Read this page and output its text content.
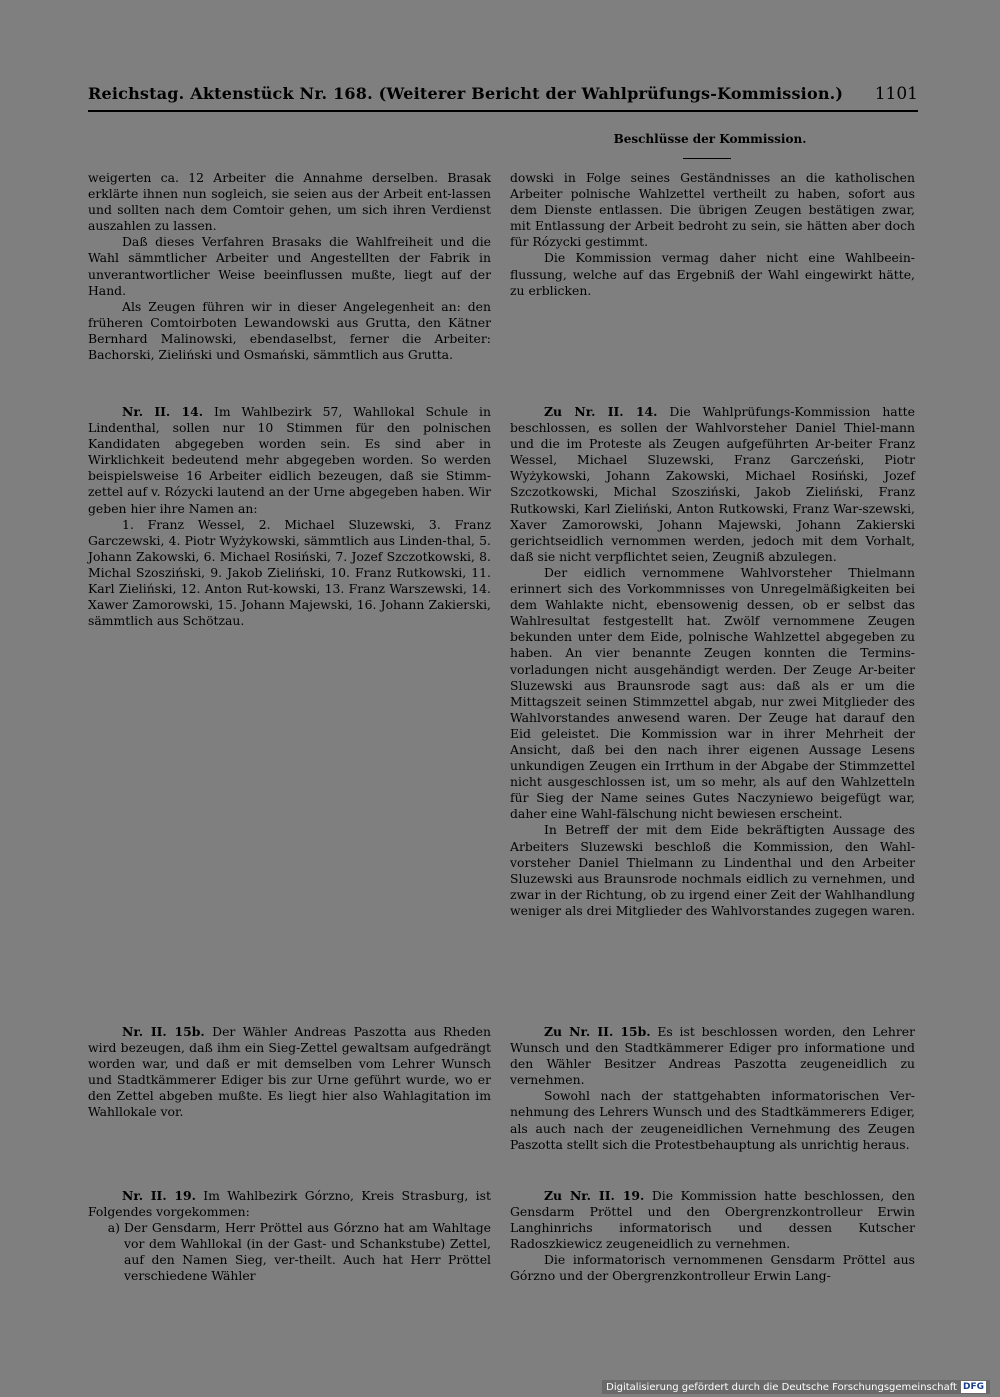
Reichstag. Aktenstück Nr. 168. (Weiterer Bericht der Wahlprüfungs-Kommission.) 1101
Beschlüsse der Kommission.

weigerten ca. 12 Arbeiter die Annahme derselben. Brasak erklärte ihnen nun sogleich, sie seien aus der Arbeit ent-lassen und sollten nach dem Comtoir gehen, um sich ihren Verdienst auszahlen zu lassen.

Daß dieses Verfahren Brasaks die Wahlfreiheit und die Wahl sämmtlicher Arbeiter und Angestellten der Fabrik in unverantwortlicher Weise beeinflussen mußte, liegt auf der Hand.

Als Zeugen führen wir in dieser Angelegenheit an: den früheren Comtoirboten Lewandowski aus Grutta, den Kätner Bernhard Malinowski, ebendaselbst, ferner die Arbeiter: Bachorski, Zieliński und Osmański, sämmtlich aus Grutta.

dowski in Folge seines Geständnisses an die katholischen Arbeiter polnische Wahlzettel vertheilt zu haben, sofort aus dem Dienste entlassen. Die übrigen Zeugen bestätigen zwar, mit Entlassung der Arbeit bedroht zu sein, sie hätten aber doch für Rózycki gestimmt.

Die Kommission vermag daher nicht eine Wahlbeein-flussung, welche auf das Ergebniß der Wahl eingewirkt hätte, zu erblicken.

Nr. II. 14. Im Wahlbezirk 57, Wahllokal Schule in Lindenthal, sollen nur 10 Stimmen für den polnischen Kandidaten abgegeben worden sein. Es sind aber in Wirklichkeit bedeutend mehr abgegeben worden. So werden beispielsweise 16 Arbeiter eidlich bezeugen, daß sie Stimm-zettel auf v. Rózycki lautend an der Urne abgegeben haben. Wir geben hier ihre Namen an:

1. Franz Wessel, 2. Michael Sluzewski, 3. Franz Garczewski, 4. Piotr Wyżykowski, sämmtlich aus Linden-thal, 5. Johann Zakowski, 6. Michael Rosiński, 7. Jozef Szczotkowski, 8. Michal Szosziński, 9. Jakob Zieliński, 10. Franz Rutkowski, 11. Karl Zieliński, 12. Anton Rut-kowski, 13. Franz Warszewski, 14. Xawer Zamorowski, 15. Johann Majewski, 16. Johann Zakierski, sämmtlich aus Schötzau.

Zu Nr. II. 14. Die Wahlprüfungs-Kommission hatte beschlossen, es sollen der Wahlvorsteher Daniel Thiel-mann und die im Proteste als Zeugen aufgeführten Ar-beiter Franz Wessel, Michael Sluzewski, Franz Garczeński, Piotr Wyżykowski, Johann Zakowski, Michael Rosiński, Jozef Szczotkowski, Michal Szosziński, Jakob Zieliński, Franz Rutkowski, Karl Zieliński, Anton Rutkowski, Franz War-szewski, Xaver Zamorowski, Johann Majewski, Johann Zakierski gerichtseidlich vernommen werden, jedoch mit dem Vorhalt, daß sie nicht verpflichtet seien, Zeugniß abzulegen.

Der eidlich vernommene Wahlvorsteher Thielmann erinnert sich des Vorkommnisses von Unregelmäßigkeiten bei dem Wahlakte nicht, ebensowenig dessen, ob er selbst das Wahlresultat festgestellt hat. Zwölf vernommene Zeugen bekunden unter dem Eide, polnische Wahlzettel abgegeben zu haben. An vier benannte Zeugen konnten die Termins-vorladungen nicht ausgehändigt werden. Der Zeuge Ar-beiter Sluzewski aus Braunsrode sagt aus: daß als er um die Mittagszeit seinen Stimmzettel abgab, nur zwei Mitglieder des Wahlvorstandes anwesend waren. Der Zeuge hat darauf den Eid geleistet. Die Kommission war in ihrer Mehrheit der Ansicht, daß bei den nach ihrer eigenen Aussage Lesens unkundigen Zeugen ein Irrthum in der Abgabe der Stimmzettel nicht ausgeschlossen ist, um so mehr, als auf den Wahlzetteln für Sieg der Name seines Gutes Naczyniewo beigefügt war, daher eine Wahl-fälschung nicht bewiesen erscheint.

In Betreff der mit dem Eide bekräftigten Aussage des Arbeiters Sluzewski beschloß die Kommission, den Wahl-vorsteher Daniel Thielmann zu Lindenthal und den Arbeiter Sluzewski aus Braunsrode nochmals eidlich zu vernehmen, und zwar in der Richtung, ob zu irgend einer Zeit der Wahlhandlung weniger als drei Mitglieder des Wahlvorstandes zugegen waren.

Nr. II. 15b. Der Wähler Andreas Paszotta aus Rheden wird bezeugen, daß ihm ein Sieg-Zettel gewaltsam aufgedrängt worden war, und daß er mit demselben vom Lehrer Wunsch und Stadtkämmerer Ediger bis zur Urne geführt wurde, wo er den Zettel abgeben mußte. Es liegt hier also Wahlagitation im Wahllokale vor.

Zu Nr. II. 15b. Es ist beschlossen worden, den Lehrer Wunsch und den Stadtkämmerer Ediger pro informatione und den Wähler Besitzer Andreas Paszotta zeugeneidlich zu vernehmen.

Sowohl nach der stattgehabten informatorischen Ver-nehmung des Lehrers Wunsch und des Stadtkämmerers Ediger, als auch nach der zeugeneidlichen Vernehmung des Zeugen Paszotta stellt sich die Protestbehauptung als unrichtig heraus.

Nr. II. 19. Im Wahlbezirk Górzno, Kreis Strasburg, ist Folgendes vorgekommen:

a) Der Gensdarm, Herr Pröttel aus Górzno hat am Wahltage vor dem Wahllokal (in der Gast- und Schankstube) Zettel, auf den Namen Sieg, ver-theilt. Auch hat Herr Pröttel verschiedene Wähler

Zu Nr. II. 19. Die Kommission hatte beschlossen, den Gensdarm Pröttel und den Obergrenzkontrolleur Erwin Langhinrichs informatorisch und dessen Kutscher Radoszkiewicz zeugeneidlich zu vernehmen.

Die informatorisch vernommenen Gensdarm Pröttel aus Górzno und der Obergrenzkontrolleur Erwin Lang-

Digitalisierung gefördert durch die Deutsche Forschungsgemeinschaft DFG
